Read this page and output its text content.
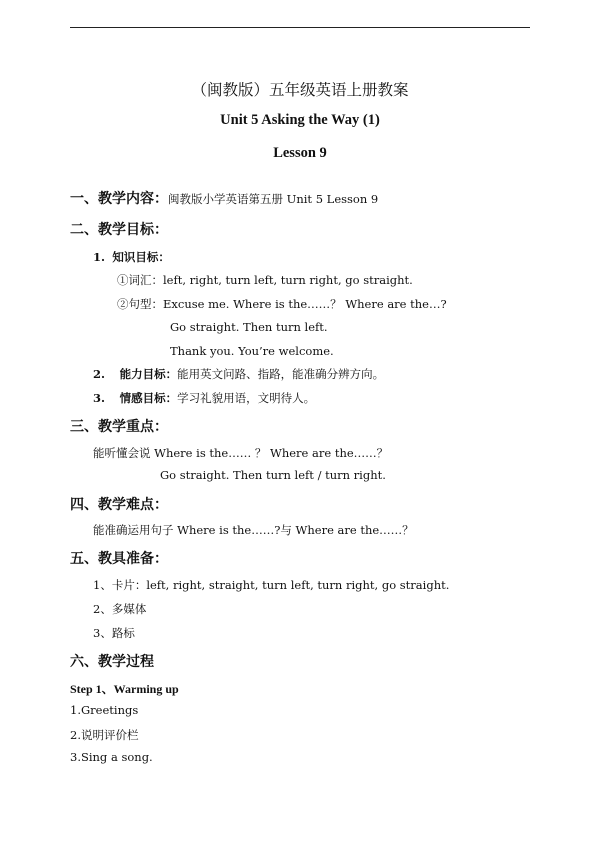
（闽教版）五年级英语上册教案
Unit 5 Asking the Way (1)
Lesson 9
一、教学内容：闽教版小学英语第五册 Unit 5 Lesson 9
二、教学目标：
1. 知识目标：
①词汇：left, right, turn left, turn right, go straight.
②句型：Excuse me. Where is the……？ Where are the…?
Go straight. Then turn left.
Thank you. You’re welcome.
2. 能力目标：能用英文问路、指路，能准确分辨方向。
3. 情感目标：学习礼貌用语，文明待人。
三、教学重点：
能听懂会说 Where is the…… ？ Where are the……？
Go straight. Then turn left / turn right.
四、教学难点：
能准确运用句子 Where is the……?与 Where are the……？
五、教具准备：
1、卡片：left, right, straight, turn left, turn right, go straight.
2、多媒体
3、路标
六、教学过程
Step 1、Warming up
1.Greetings
2.说明评价栏
3.Sing a song.
